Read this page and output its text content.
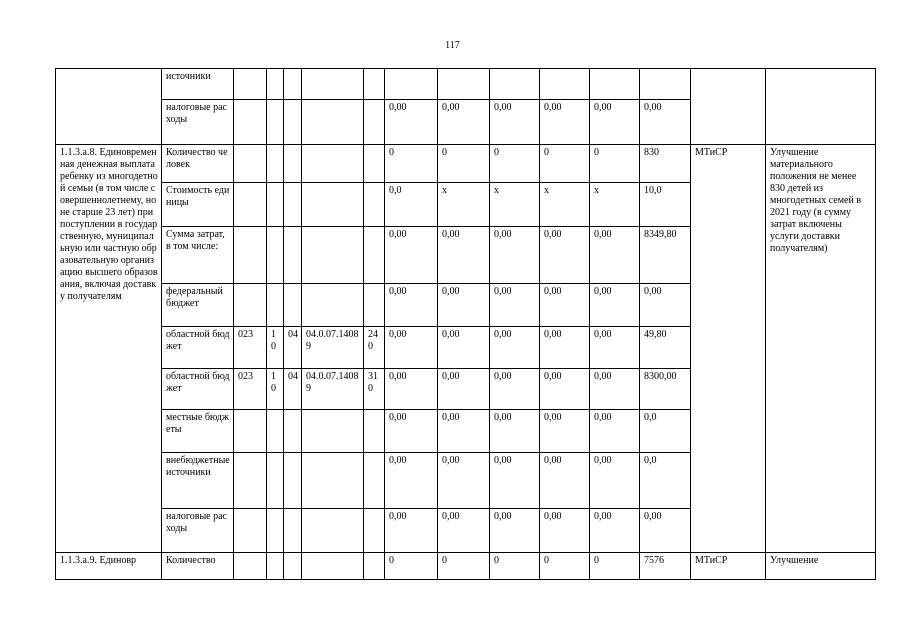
117
	источники													
	налоговые расходы						0,00	0,00	0,00	0,00	0,00	0,00		
1.1.3.а.8. Единовременная денежная выплата ребенку из многодетной семьи (в том числе совершеннолетнему, но не старше 23 лет) при поступлении в государственную, муниципальную или частную образовательную организацию высшего образования, включая доставку получателям	Количество человек						0	0	0	0	0	830	МТиСР	Улучшение материального положения не менее 830 детей из многодетных семей в 2021 году (в сумму затрат включены услуги доставки получателям)
	Стоимость единицы						0,0	х	х	х	х	10,0		
	Сумма затрат, в том числе:						0,00	0,00	0,00	0,00	0,00	8349,80		
	федеральный бюджет						0,00	0,00	0,00	0,00	0,00	0,00		
	областной бюджет	023	10	04	04.0.07.14089	240	0,00	0,00	0,00	0,00	0,00	49,80		
	областной бюджет	023	10	04	04.0.07.14089	310	0,00	0,00	0,00	0,00	0,00	8300,00		
	местные бюджеты						0,00	0,00	0,00	0,00	0,00	0,0		
	внебюджетные источники						0,00	0,00	0,00	0,00	0,00	0,0		
	налоговые расходы						0,00	0,00	0,00	0,00	0,00	0,00		
1.1.3.а.9. Единовр	Количество						0	0	0	0	0	7576	МТиСР	Улучшение
